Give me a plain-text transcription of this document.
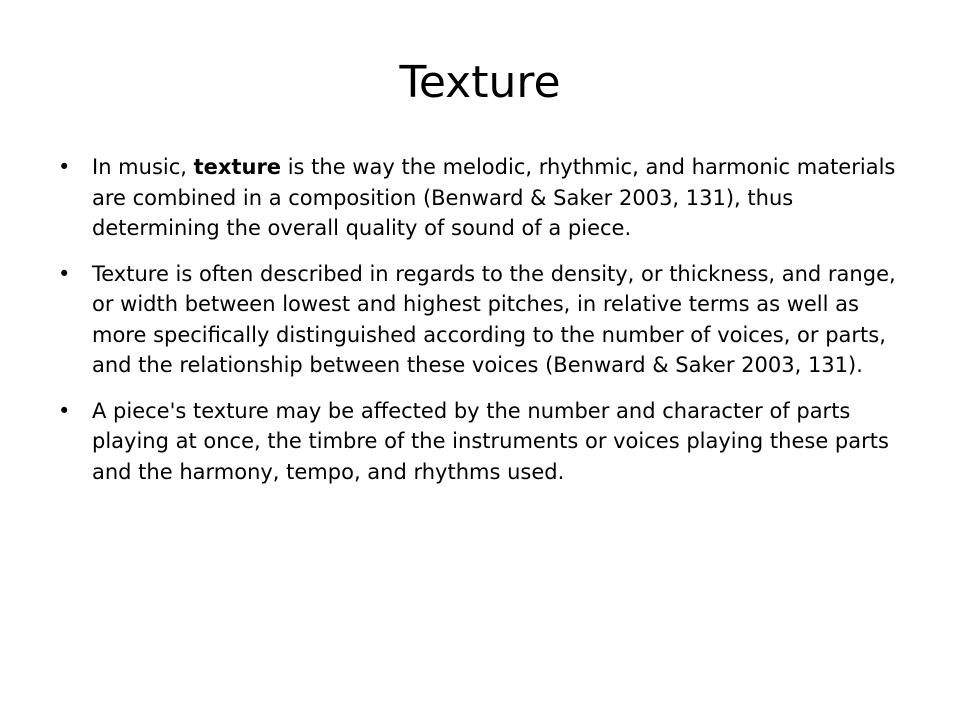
Texture
•	In music, texture is the way the melodic, rhythmic, and harmonic materials are combined in a composition (Benward & Saker 2003, 131), thus determining the overall quality of sound of a piece.
•	Texture is often described in regards to the density, or thickness, and range, or width between lowest and highest pitches, in relative terms as well as more specifically distinguished according to the number of voices, or parts, and the relationship between these voices (Benward & Saker 2003, 131).
•	A piece's texture may be affected by the number and character of parts playing at once, the timbre of the instruments or voices playing these parts and the harmony, tempo, and rhythms used.
